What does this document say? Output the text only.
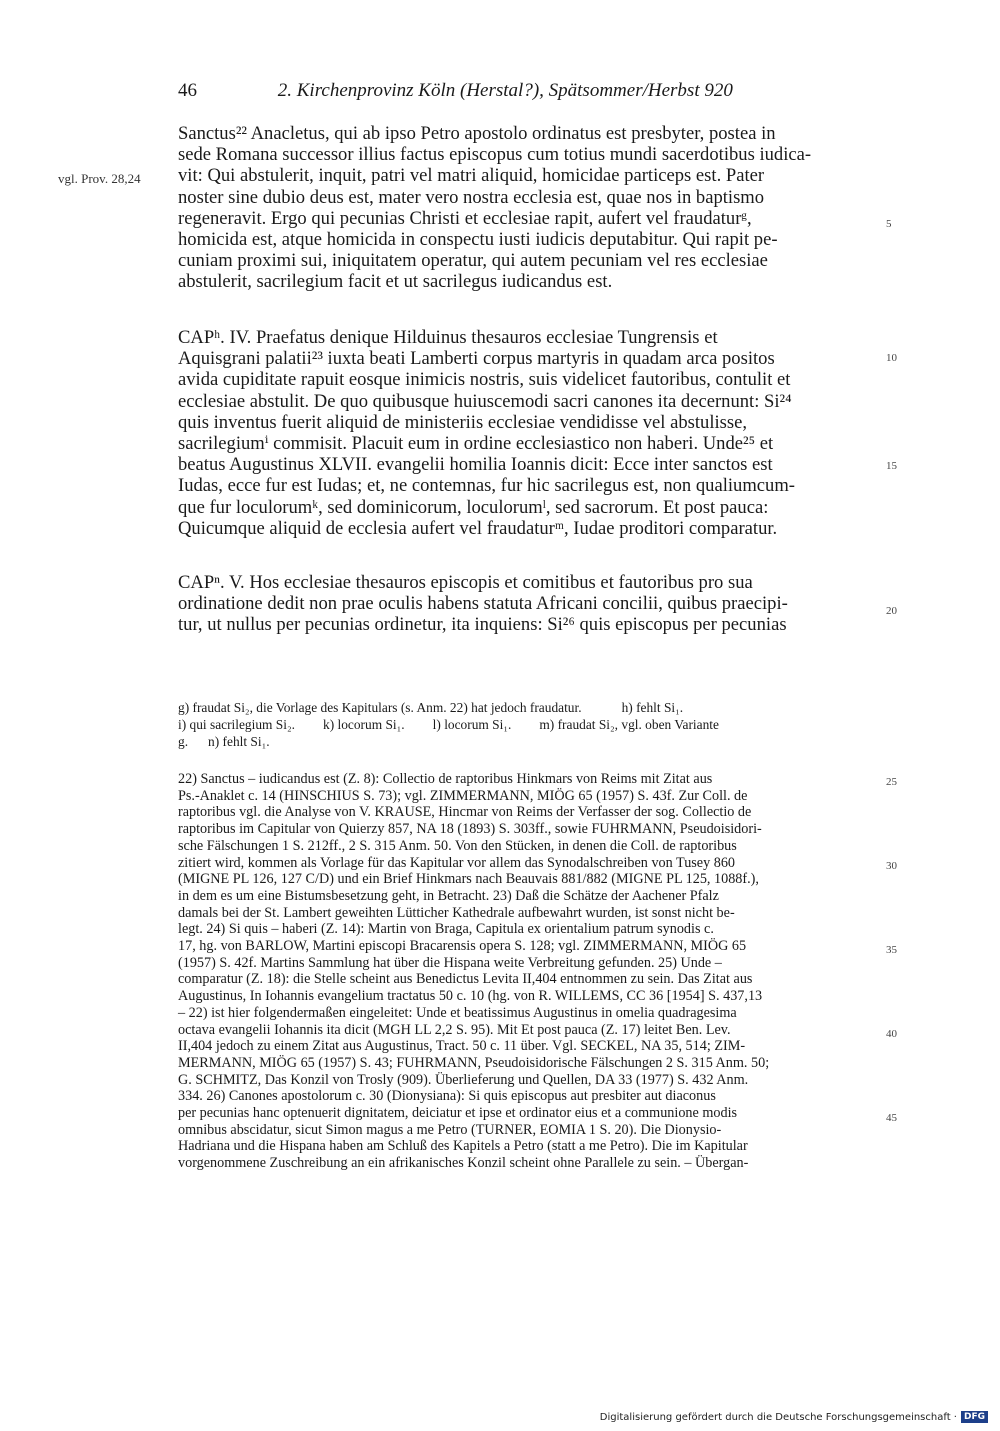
46	2. Kirchenprovinz Köln (Herstal?), Spätsommer/Herbst 920
vgl. Prov. 28,24
Sanctus²² Anacletus, qui ab ipso Petro apostolo ordinatus est presbyter, postea in
sede Romana successor illius factus episcopus cum totius mundi sacerdotibus iudica-
vit: Qui abstulerit, inquit, patri vel matri aliquid, homicidae particeps est. Pater
noster sine dubio deus est, mater vero nostra ecclesia est, quae nos in baptismo
regeneravit. Ergo qui pecunias Christi et ecclesiae rapit, aufert vel fraudaturᵍ,
homicida est, atque homicida in conspectu iusti iudicis deputabitur. Qui rapit pe-
cuniam proximi sui, iniquitatem operatur, qui autem pecuniam vel res ecclesiae
abstulerit, sacrilegium facit et ut sacrilegus iudicandus est.
CAPʰ. IV. Praefatus denique Hilduinus thesauros ecclesiae Tungrensis et
Aquisgrani palatii²³ iuxta beati Lamberti corpus martyris in quadam arca positos
avida cupiditate rapuit eosque inimicis nostris, suis videlicet fautoribus, contulit et
ecclesiae abstulit. De quo quibusque huiuscemodi sacri canones ita decernunt: Si²⁴
quis inventus fuerit aliquid de ministeriis ecclesiae vendidisse vel abstulisse,
sacrilegiumⁱ commisit. Placuit eum in ordine ecclesiastico non haberi. Unde²⁵ et
beatus Augustinus XLVII. evangelii homilia Ioannis dicit: Ecce inter sanctos est
Iudas, ecce fur est Iudas; et, ne contemnas, fur hic sacrilegus est, non qualiumcum-
que fur loculorumᵏ, sed dominicorum, loculorumˡ, sed sacrorum. Et post pauca:
Quicumque aliquid de ecclesia aufert vel fraudaturᵐ, Iudae proditori comparatur.
CAPⁿ. V. Hos ecclesiae thesauros episcopis et comitibus et fautoribus pro sua
ordinatione dedit non prae oculis habens statuta Africani concilii, quibus praecipi-
tur, ut nullus per pecunias ordinetur, ita inquiens: Si²⁶ quis episcopus per pecunias
5
10
15
20
25
30
35
40
45
g) fraudat Si₂, die Vorlage des Kapitulars (s. Anm. 22) hat jedoch fraudatur.	h) fehlt Si₁.
i) qui sacrilegium Si₂. k) locorum Si₁. l) locorum Si₁. m) fraudat Si₂, vgl. oben Variante
g. n) fehlt Si₁.
22) Sanctus – iudicandus est (Z. 8): Collectio de raptoribus Hinkmars von Reims mit Zitat aus
Ps.-Anaklet c. 14 (HINSCHIUS S. 73); vgl. ZIMMERMANN, MIÖG 65 (1957) S. 43f. Zur Coll. de
raptoribus vgl. die Analyse von V. KRAUSE, Hincmar von Reims der Verfasser der sog. Collectio de
raptoribus im Capitular von Quierzy 857, NA 18 (1893) S. 303ff., sowie FUHRMANN, Pseudoisidori-
sche Fälschungen 1 S. 212ff., 2 S. 315 Anm. 50. Von den Stücken, in denen die Coll. de raptoribus
zitiert wird, kommen als Vorlage für das Kapitular vor allem das Synodalschreiben von Tusey 860
(MIGNE PL 126, 127 C/D) und ein Brief Hinkmars nach Beauvais 881/882 (MIGNE PL 125, 1088f.),
in dem es um eine Bistumsbesetzung geht, in Betracht. 23) Daß die Schätze der Aachener Pfalz
damals bei der St. Lambert geweihten Lütticher Kathedrale aufbewahrt wurden, ist sonst nicht be-
legt. 24) Si quis – haberi (Z. 14): Martin von Braga, Capitula ex orientalium patrum synodis c.
17, hg. von BARLOW, Martini episcopi Bracarensis opera S. 128; vgl. ZIMMERMANN, MIÖG 65
(1957) S. 42f. Martins Sammlung hat über die Hispana weite Verbreitung gefunden. 25) Unde –
comparatur (Z. 18): die Stelle scheint aus Benedictus Levita II,404 entnommen zu sein. Das Zitat aus
Augustinus, In Iohannis evangelium tractatus 50 c. 10 (hg. von R. WILLEMS, CC 36 [1954] S. 437,13
– 22) ist hier folgendermaßen eingeleitet: Unde et beatissimus Augustinus in omelia quadragesima
octava evangelii Iohannis ita dicit (MGH LL 2,2 S. 95). Mit Et post pauca (Z. 17) leitet Ben. Lev.
II,404 jedoch zu einem Zitat aus Augustinus, Tract. 50 c. 11 über. Vgl. SECKEL, NA 35, 514; ZIM-
MERMANN, MIÖG 65 (1957) S. 43; FUHRMANN, Pseudoisidorische Fälschungen 2 S. 315 Anm. 50;
G. SCHMITZ, Das Konzil von Trosly (909). Überlieferung und Quellen, DA 33 (1977) S. 432 Anm.
334. 26) Canones apostolorum c. 30 (Dionysiana): Si quis episcopus aut presbiter aut diaconus
per pecunias hanc optenuerit dignitatem, deiciatur et ipse et ordinator eius et a communione modis
omnibus abscidatur, sicut Simon magus a me Petro (TURNER, EOMIA 1 S. 20). Die Dionysio-
Hadriana und die Hispana haben am Schluß des Kapitels a Petro (statt a me Petro). Die im Kapitular
vorgenommene Zuschreibung an ein afrikanisches Konzil scheint ohne Parallele zu sein. – Übergan-
Digitalisierung gefördert durch die Deutsche Forschungsgemeinschaft · DFG
